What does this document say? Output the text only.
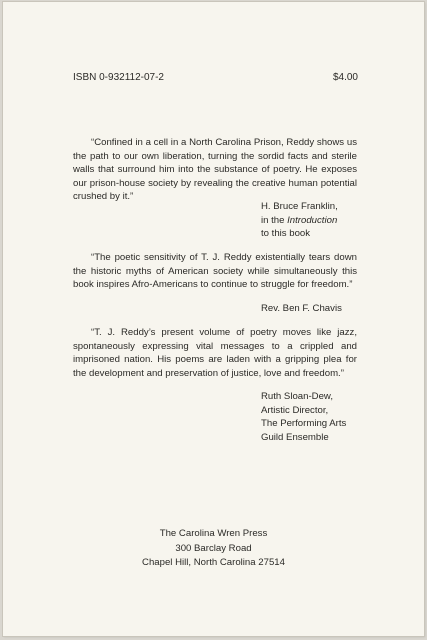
ISBN 0-932112-07-2	$4.00

“Confined in a cell in a North Carolina Prison, Reddy shows us the path to our own liberation, turning the sordid facts and sterile walls that surround him into the substance of poetry. He exposes our prison-house society by revealing the creative human potential crushed by it.”

H. Bruce Franklin,
in the Introduction
to this book

“The poetic sensitivity of T. J. Reddy existentially tears down the historic myths of American society while simultaneously this book inspires Afro-Americans to continue to struggle for freedom.”

Rev. Ben F. Chavis

“T. J. Reddy’s present volume of poetry moves like jazz, spontaneously expressing vital messages to a crippled and imprisoned nation. His poems are laden with a gripping plea for the development and preservation of justice, love and freedom.”

Ruth Sloan-Dew,
Artistic Director,
The Performing Arts
Guild Ensemble
The Carolina Wren Press
300 Barclay Road
Chapel Hill, North Carolina 27514
